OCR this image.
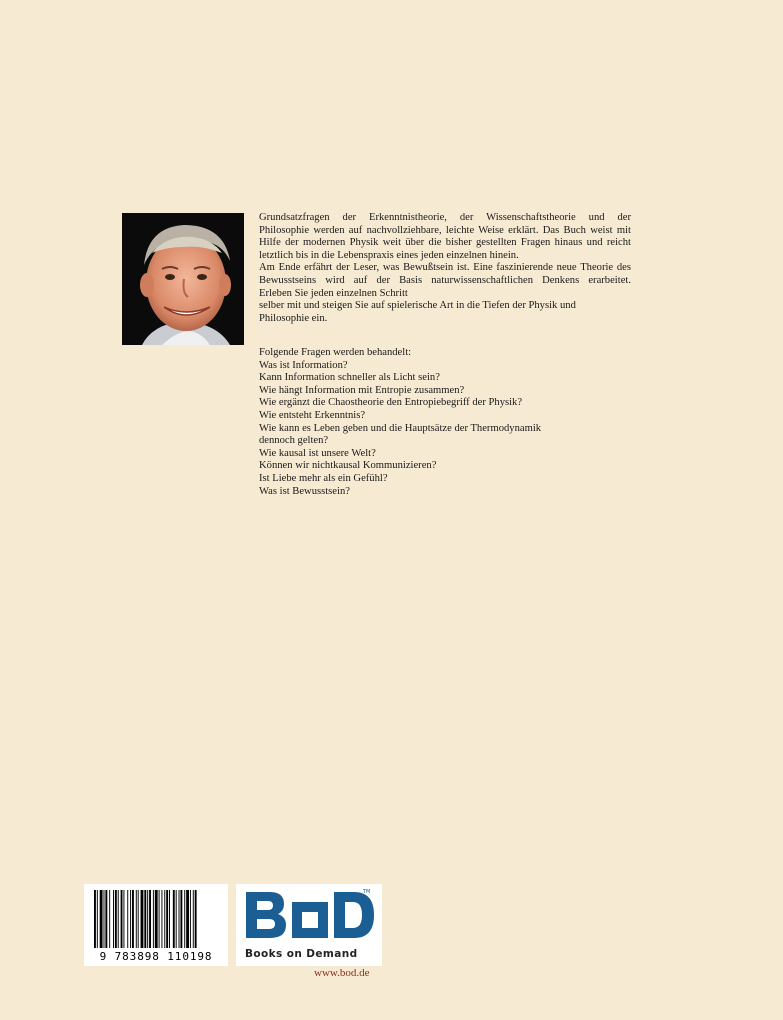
Grundsatzfragen der Erkenntnistheorie, der Wissenschaftstheorie und der

Philosophie werden auf nachvollziehbare, leichte Weise erklärt. Das Buch weist mit

Hilfe der modernen Physik weit über die bisher gestellten Fragen hinaus und reicht

letztlich bis in die Lebenspraxis eines jeden einzelnen hinein.

Am Ende erfährt der Leser, was Bewußtsein ist. Eine faszinierende neue Theorie des

Bewusstseins wird auf der Basis naturwissenschaftlichen Denkens erarbeitet.

Erleben Sie jeden einzelnen Schritt

selber mit und steigen Sie auf spielerische Art in die Tiefen der Physik und

Philosophie ein.

Folgende Fragen werden behandelt:

Was ist Information?

Kann Information schneller als Licht sein?

Wie hängt Information mit Entropie zusammen?

Wie ergänzt die Chaostheorie den Entropiebegriff der Physik?

Wie entsteht Erkenntnis?

Wie kann es Leben geben und die Hauptsätze der Thermodynamik

dennoch gelten?

Wie kausal ist unsere Welt?

Können wir nichtkausal Kommunizieren?

Ist Liebe mehr als ein Gefühl?

Was ist Bewusstsein?

9 783898 110198
TM
Books on Demand
www.bod.de
